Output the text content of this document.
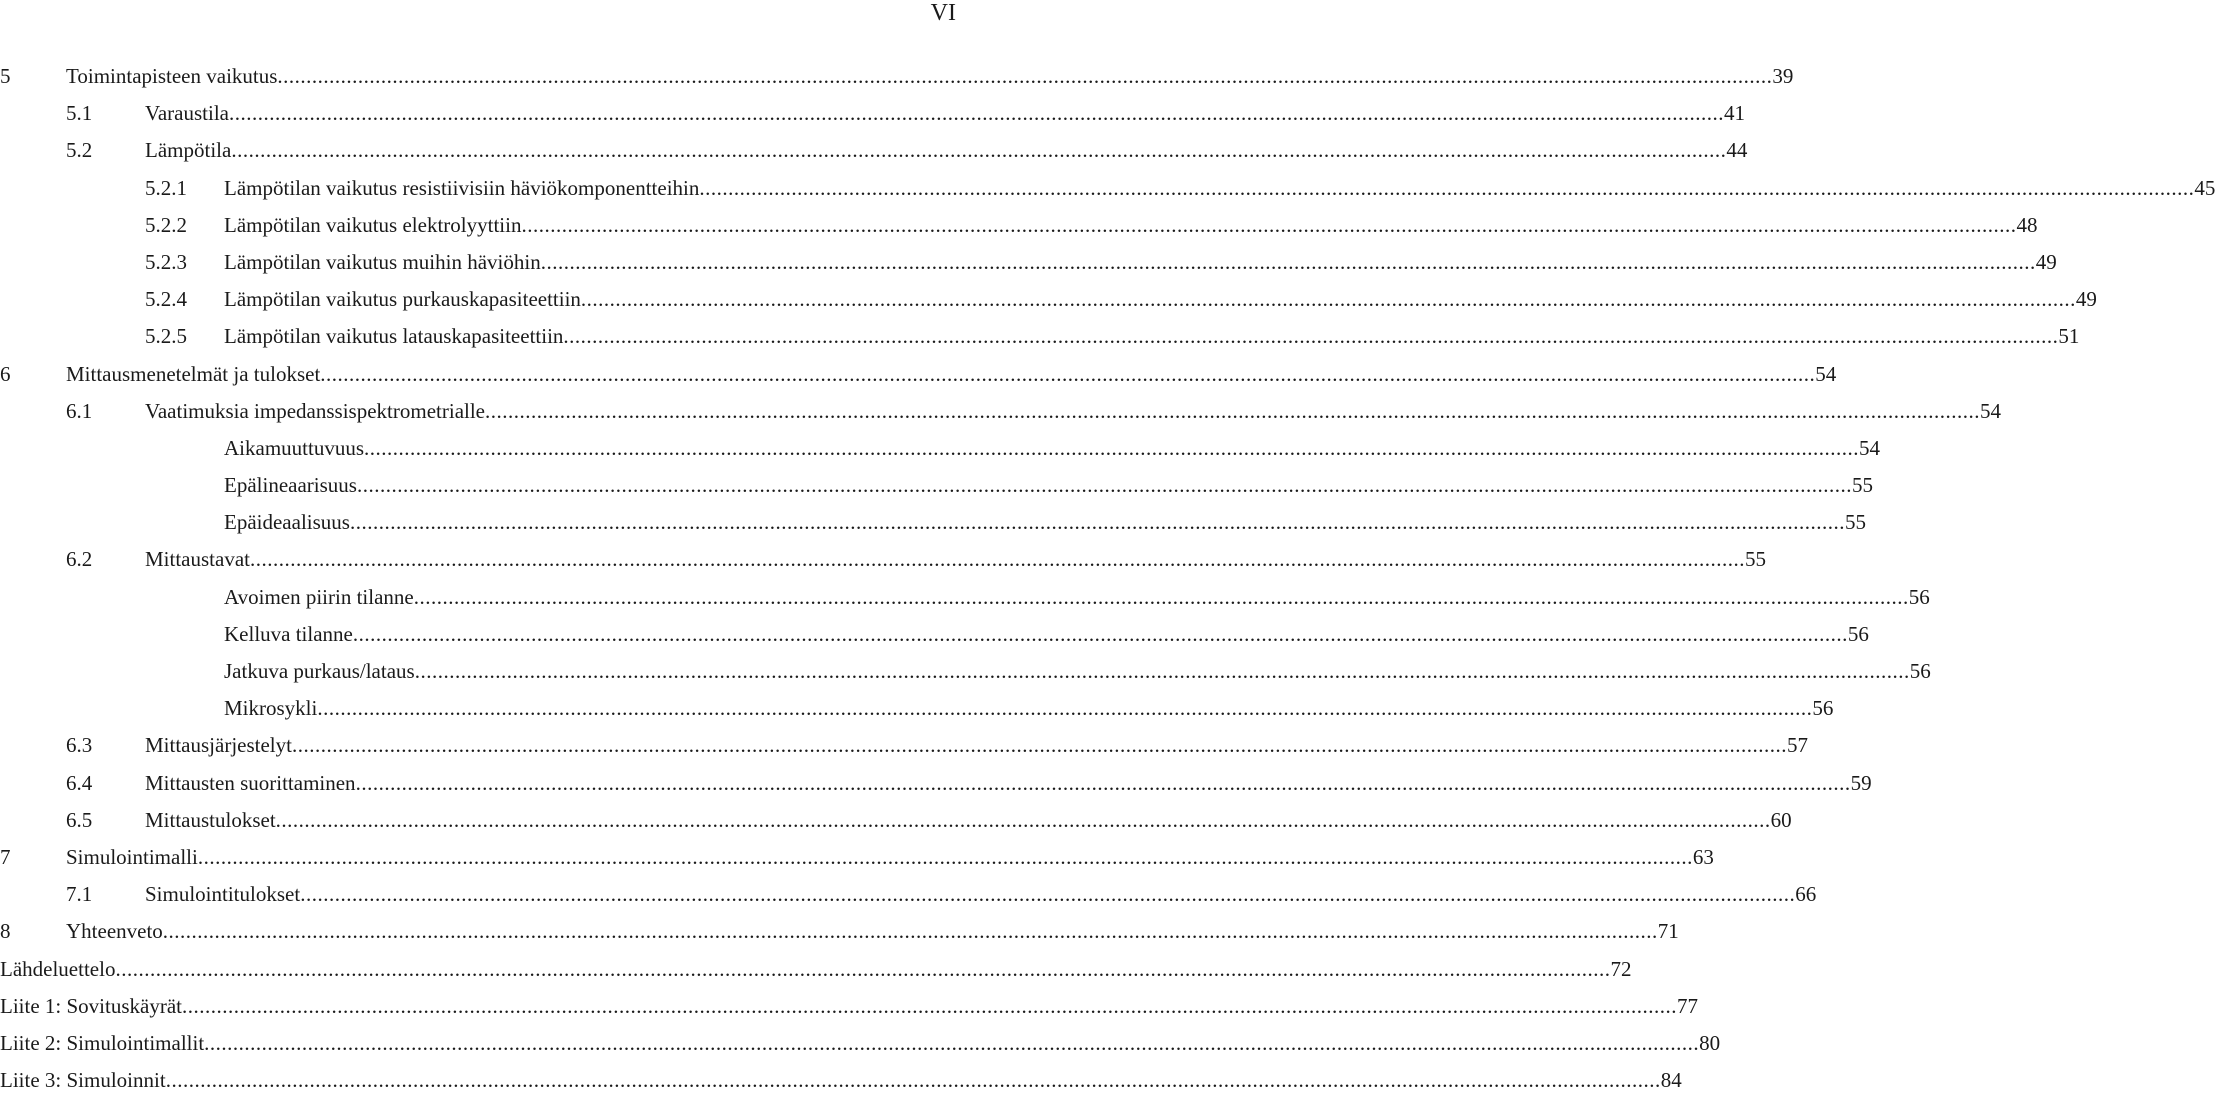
VI
5	Toimintapisteen vaikutus .................................................................................................................................................................................................................................................................... 39
5.1	Varaustila .................................................................................................................................................................................................................................................................... 41
5.2	Lämpötila .................................................................................................................................................................................................................................................................... 44
5.2.1 Lämpötilan vaikutus resistiivisiin häviökomponentteihin .................................................................................................................................................................................................................................................................... 45
5.2.2 Lämpötilan vaikutus elektrolyyttiin .................................................................................................................................................................................................................................................................... 48
5.2.3 Lämpötilan vaikutus muihin häviöhin .................................................................................................................................................................................................................................................................... 49
5.2.4 Lämpötilan vaikutus purkauskapasiteettiin .................................................................................................................................................................................................................................................................... 49
5.2.5 Lämpötilan vaikutus latauskapasiteettiin .................................................................................................................................................................................................................................................................... 51
6	Mittausmenetelmät ja tulokset .................................................................................................................................................................................................................................................................... 54
6.1	Vaatimuksia impedanssispektrometrialle .................................................................................................................................................................................................................................................................... 54
Aikamuuttuvuus .................................................................................................................................................................................................................................................................... 54
Epälineaarisuus .................................................................................................................................................................................................................................................................... 55
Epäideaalisuus .................................................................................................................................................................................................................................................................... 55
6.2	Mittaustavat .................................................................................................................................................................................................................................................................... 55
Avoimen piirin tilanne .................................................................................................................................................................................................................................................................... 56
Kelluva tilanne .................................................................................................................................................................................................................................................................... 56
Jatkuva purkaus/lataus .................................................................................................................................................................................................................................................................... 56
Mikrosykli .................................................................................................................................................................................................................................................................... 56
6.3	Mittausjärjestelyt .................................................................................................................................................................................................................................................................... 57
6.4	Mittausten suorittaminen .................................................................................................................................................................................................................................................................... 59
6.5	Mittaustulokset .................................................................................................................................................................................................................................................................... 60
7	Simulointimalli .................................................................................................................................................................................................................................................................... 63
7.1	Simulointitulokset .................................................................................................................................................................................................................................................................... 66
8	Yhteenveto .................................................................................................................................................................................................................................................................... 71
Lähdeluettelo .................................................................................................................................................................................................................................................................... 72
Liite 1: Sovituskäyrät .................................................................................................................................................................................................................................................................... 77
Liite 2: Simulointimallit .................................................................................................................................................................................................................................................................... 80
Liite 3: Simuloinnit .................................................................................................................................................................................................................................................................... 84
